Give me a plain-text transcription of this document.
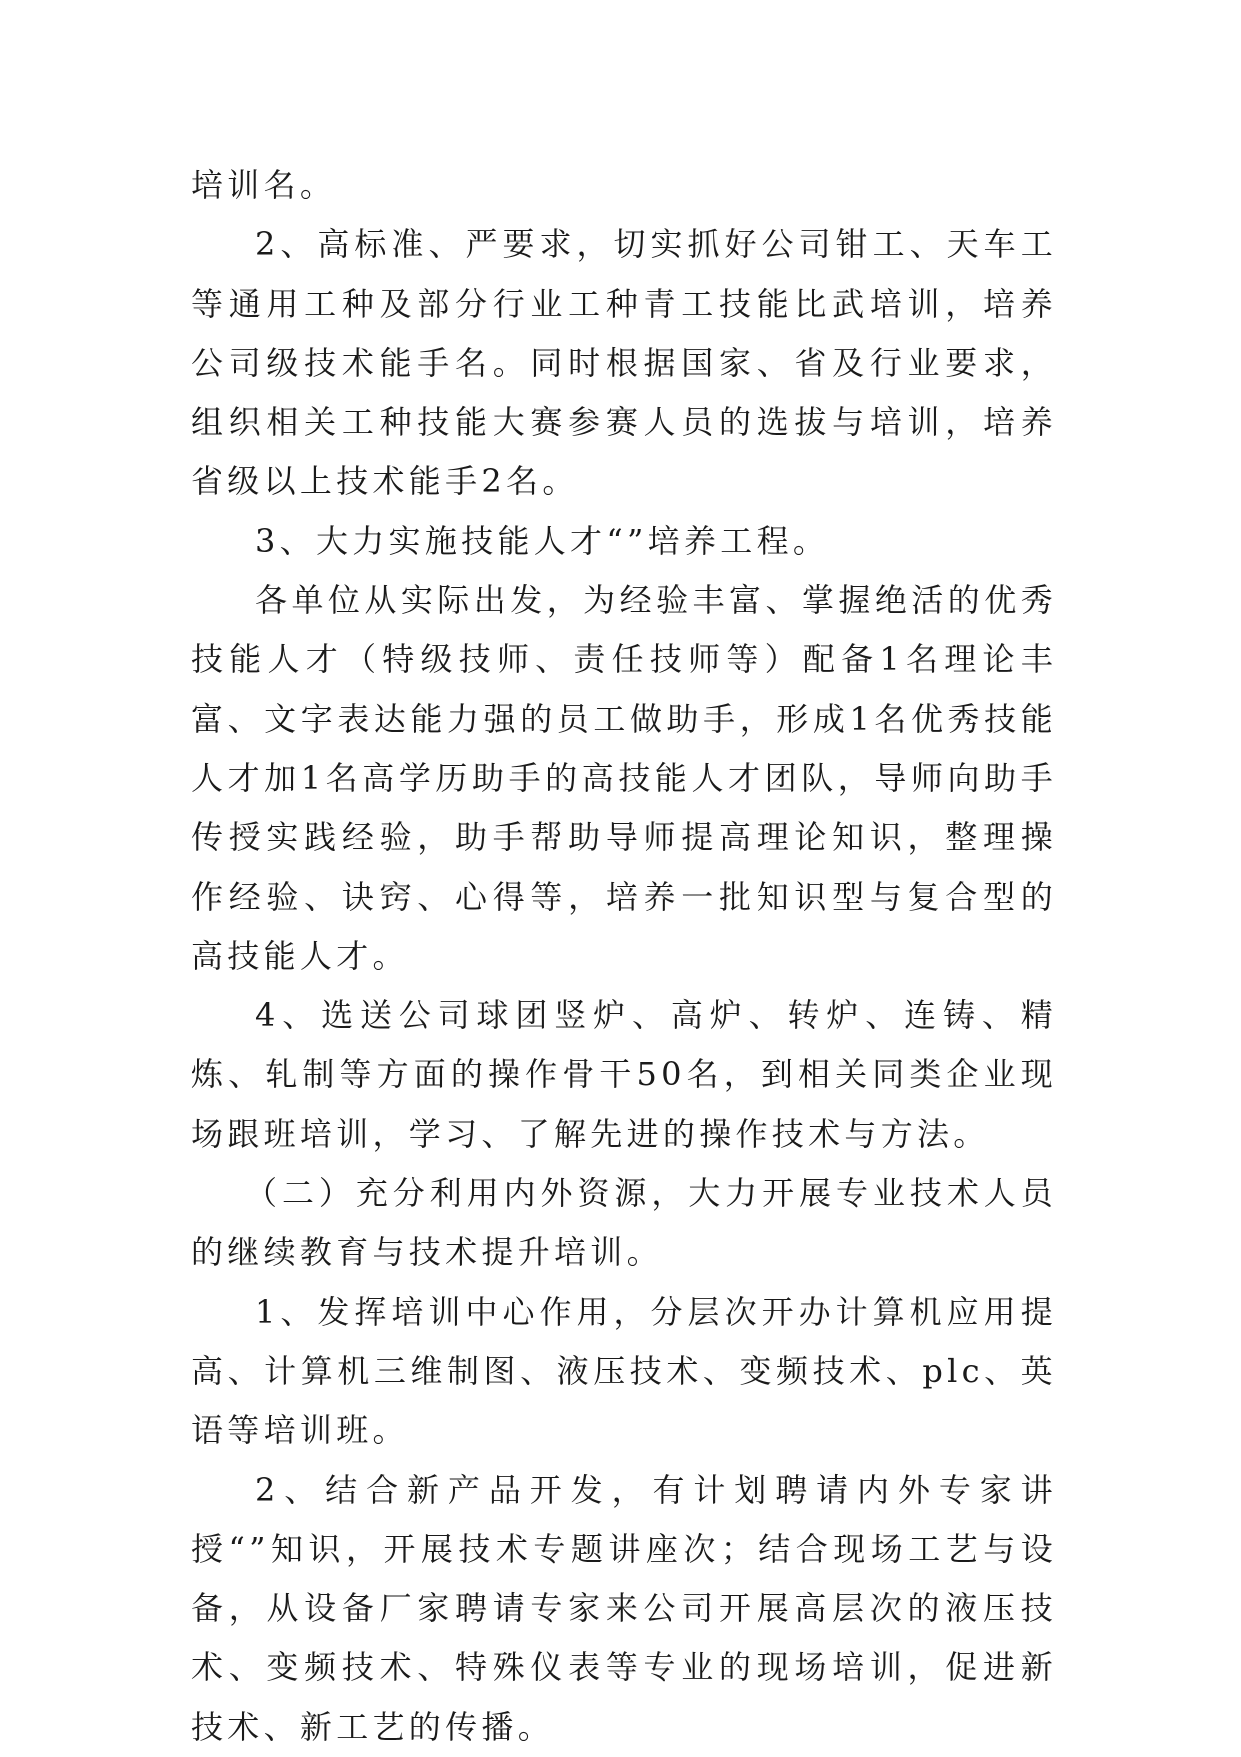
培训名。

2、高标准、严要求，切实抓好公司钳工、天车工等通用工种及部分行业工种青工技能比武培训，培养公司级技术能手名。同时根据国家、省及行业要求，组织相关工种技能大赛参赛人员的选拔与培训，培养省级以上技术能手2名。

3、大力实施技能人才“”培养工程。

各单位从实际出发，为经验丰富、掌握绝活的优秀技能人才（特级技师、责任技师等）配备1名理论丰富、文字表达能力强的员工做助手，形成1名优秀技能人才加1名高学历助手的高技能人才团队，导师向助手传授实践经验，助手帮助导师提高理论知识，整理操作经验、诀窍、心得等，培养一批知识型与复合型的高技能人才。

4、选送公司球团竖炉、高炉、转炉、连铸、精炼、轧制等方面的操作骨干50名，到相关同类企业现场跟班培训，学习、了解先进的操作技术与方法。

（二）充分利用内外资源，大力开展专业技术人员的继续教育与技术提升培训。

1、发挥培训中心作用，分层次开办计算机应用提高、计算机三维制图、液压技术、变频技术、plc、英语等培训班。

2、结合新产品开发，有计划聘请内外专家讲授“”知识，开展技术专题讲座次；结合现场工艺与设备，从设备厂家聘请专家来公司开展高层次的液压技术、变频技术、特殊仪表等专业的现场培训，促进新技术、新工艺的传播。
